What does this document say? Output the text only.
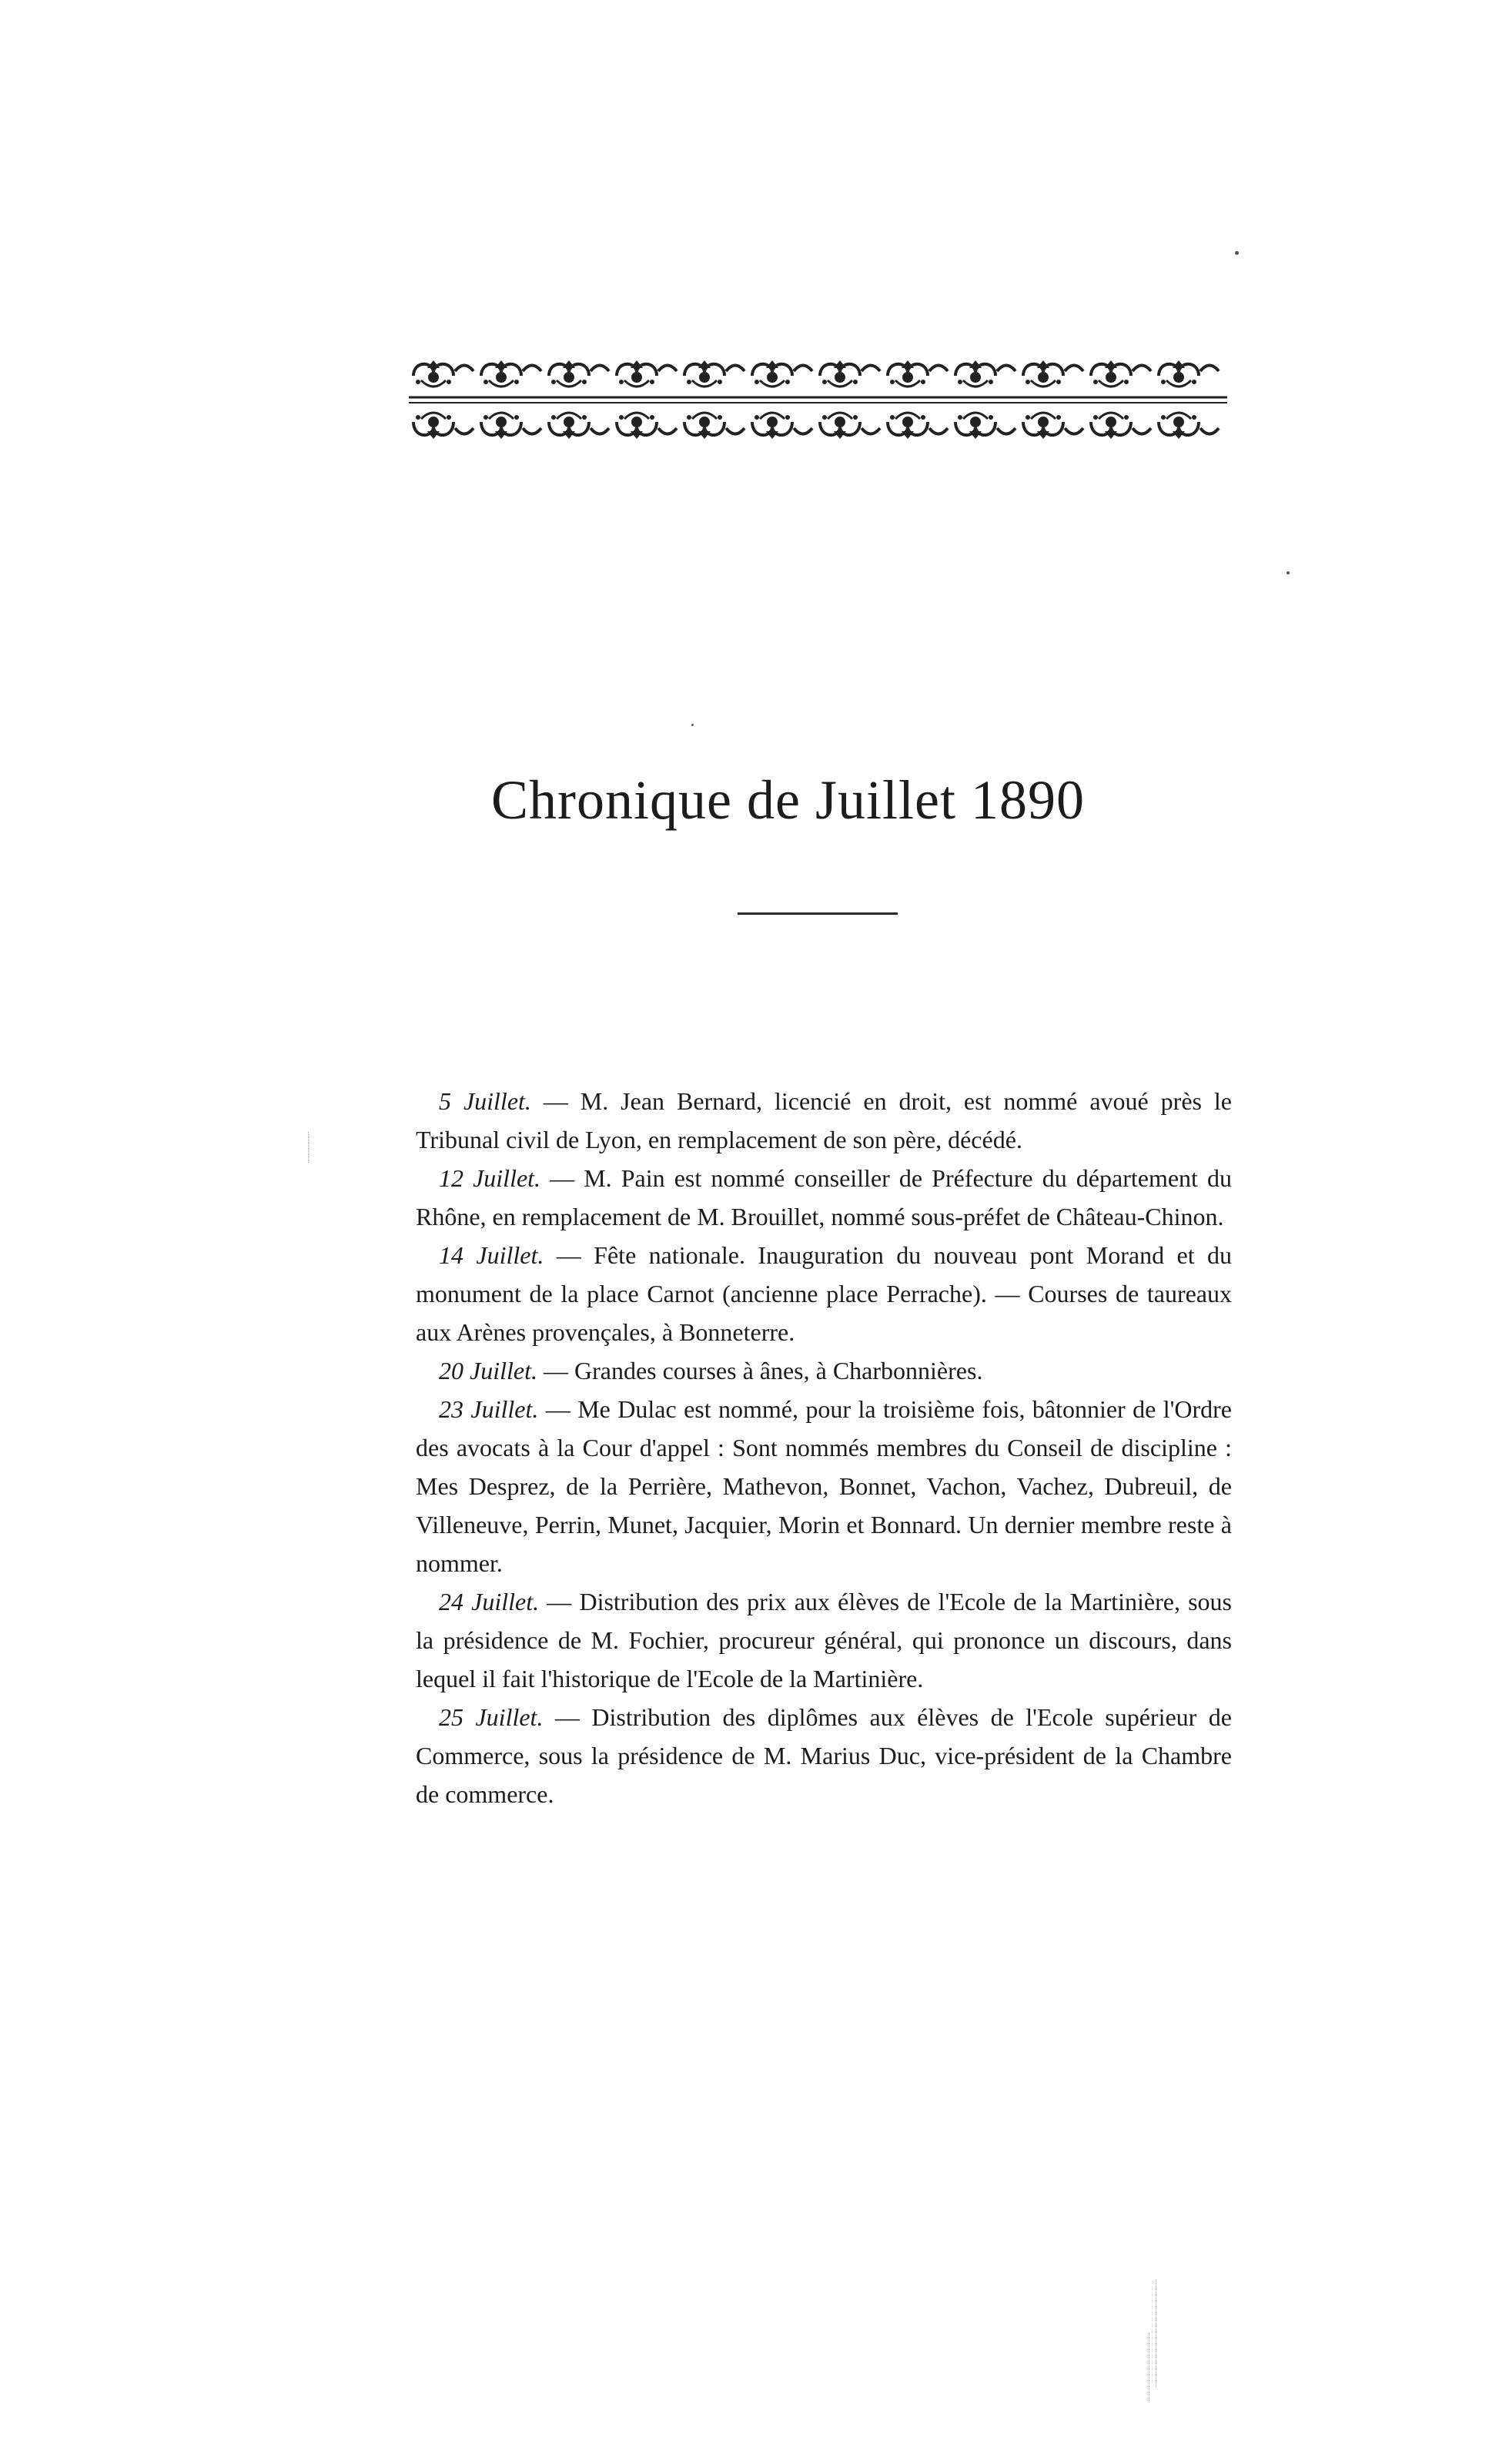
Chronique de Juillet 1890

5 Juillet. — M. Jean Bernard, licencié en droit, est nommé avoué près le Tribunal civil de Lyon, en remplacement de son père, décédé.

12 Juillet. — M. Pain est nommé conseiller de Préfecture du département du Rhône, en remplacement de M. Brouillet, nommé sous-préfet de Château-Chinon.

14 Juillet. — Fête nationale. Inauguration du nouveau pont Morand et du monument de la place Carnot (ancienne place Perrache). — Courses de taureaux aux Arènes provençales, à Bonneterre.

20 Juillet. — Grandes courses à ânes, à Charbonnières.

23 Juillet. — Me Dulac est nommé, pour la troisième fois, bâtonnier de l'Ordre des avocats à la Cour d'appel : Sont nommés membres du Conseil de discipline : Mes Desprez, de la Perrière, Mathevon, Bonnet, Vachon, Vachez, Dubreuil, de Villeneuve, Perrin, Munet, Jacquier, Morin et Bonnard. Un dernier membre reste à nommer.

24 Juillet. — Distribution des prix aux élèves de l'Ecole de la Martinière, sous la présidence de M. Fochier, procureur général, qui prononce un discours, dans lequel il fait l'historique de l'Ecole de la Martinière.

25 Juillet. — Distribution des diplômes aux élèves de l'Ecole supérieur de Commerce, sous la présidence de M. Marius Duc, vice-président de la Chambre de commerce.
